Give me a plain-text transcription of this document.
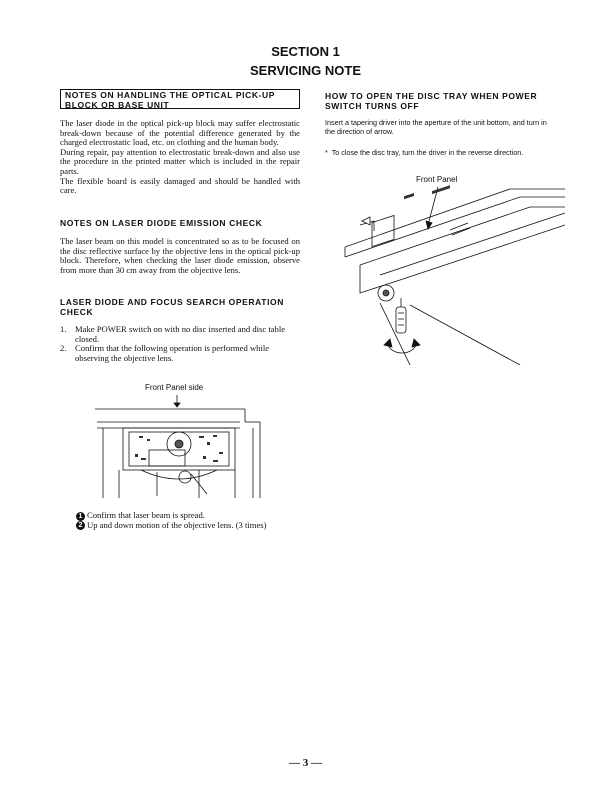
SECTION 1
SERVICING NOTE
NOTES ON HANDLING THE OPTICAL PICK-UP BLOCK OR BASE UNIT

The laser diode in the optical pick-up block may suffer electrostatic break-down because of the potential difference generated by the charged electrostatic load, etc. on clothing and the human body.

During repair, pay attention to electrostatic break-down and also use the procedure in the printed matter which is included in the repair parts.

The flexible board is easily damaged and should be handled with care.

NOTES ON LASER DIODE EMISSION CHECK
The laser beam on this model is concentrated so as to be focused on the disc reflective surface by the objective lens in the optical pick-up block. Therefore, when checking the laser diode emission, observe from more than 30 cm away from the objective lens.
LASER DIODE AND FOCUS SEARCH OPERATION CHECK
1. Make POWER switch on with no disc inserted and disc table closed.
2. Confirm that the following operation is performed while observing the objective lens.
Front Panel side
1 Confirm that laser beam is spread.
2 Up and down motion of the objective lens. (3 times)
HOW TO OPEN THE DISC TRAY WHEN POWER SWITCH TURNS OFF
Insert a tapering driver into the aperture of the unit bottom, and turn in the direction of arrow.
* To close the disc tray, turn the driver in the reverse direction.
Front Panel
— 3 —
